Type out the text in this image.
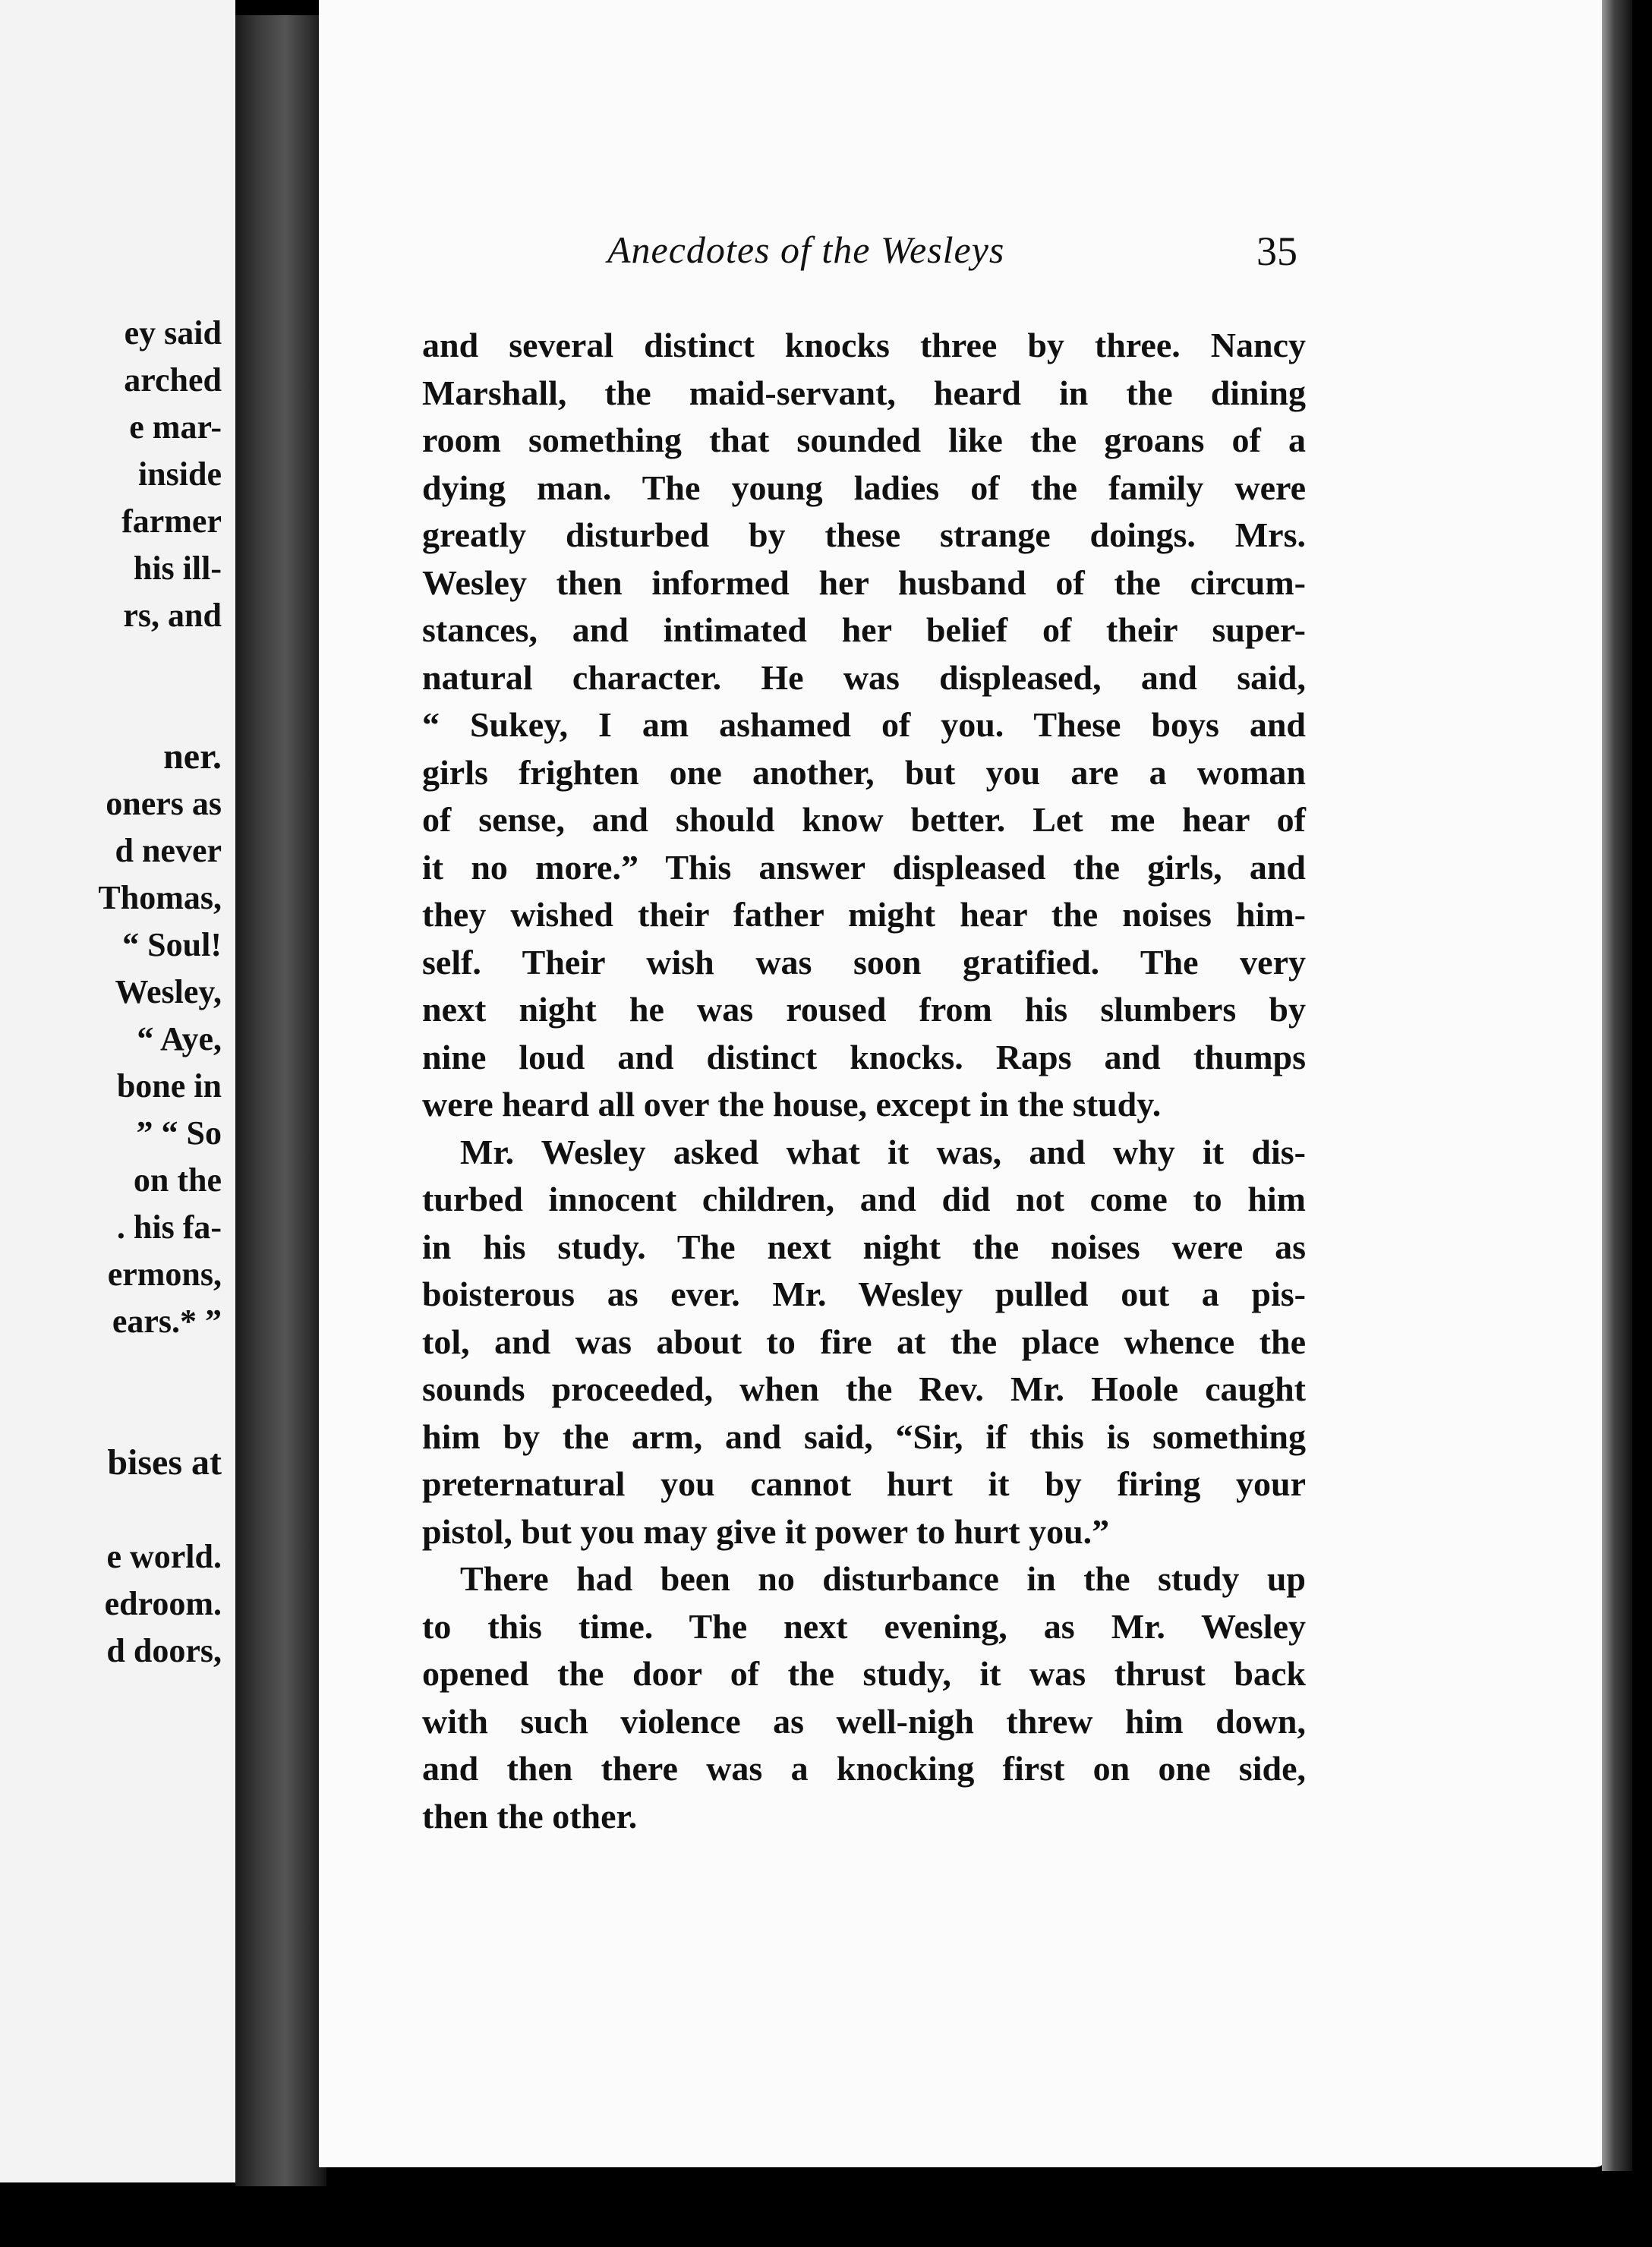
ey said
arched
e mar-
inside
farmer
his ill-
rs, and
ner.
oners as
d never
Thomas,
“ Soul!
Wesley,
“ Aye,
bone in
” “ So
on the
. his fa-
ermons,
ears.* ”
bises at
e world.
edroom.
d doors,
Anecdotes of the Wesleys	35
and several distinct knocks three by three. Nancy
Marshall, the maid-servant, heard in the dining
room something that sounded like the groans of a
dying man. The young ladies of the family were
greatly disturbed by these strange doings. Mrs.
Wesley then informed her husband of the circum-
stances, and intimated her belief of their super-
natural character. He was displeased, and said,
“ Sukey, I am ashamed of you. These boys and
girls frighten one another, but you are a woman
of sense, and should know better. Let me hear of
it no more.” This answer displeased the girls, and
they wished their father might hear the noises him-
self. Their wish was soon gratified. The very
next night he was roused from his slumbers by
nine loud and distinct knocks. Raps and thumps
were heard all over the house, except in the study.
Mr. Wesley asked what it was, and why it dis-
turbed innocent children, and did not come to him
in his study. The next night the noises were as
boisterous as ever. Mr. Wesley pulled out a pis-
tol, and was about to fire at the place whence the
sounds proceeded, when the Rev. Mr. Hoole caught
him by the arm, and said, “Sir, if this is something
preternatural you cannot hurt it by firing your
pistol, but you may give it power to hurt you.”
There had been no disturbance in the study up
to this time. The next evening, as Mr. Wesley
opened the door of the study, it was thrust back
with such violence as well-nigh threw him down,
and then there was a knocking first on one side,
then the other.
